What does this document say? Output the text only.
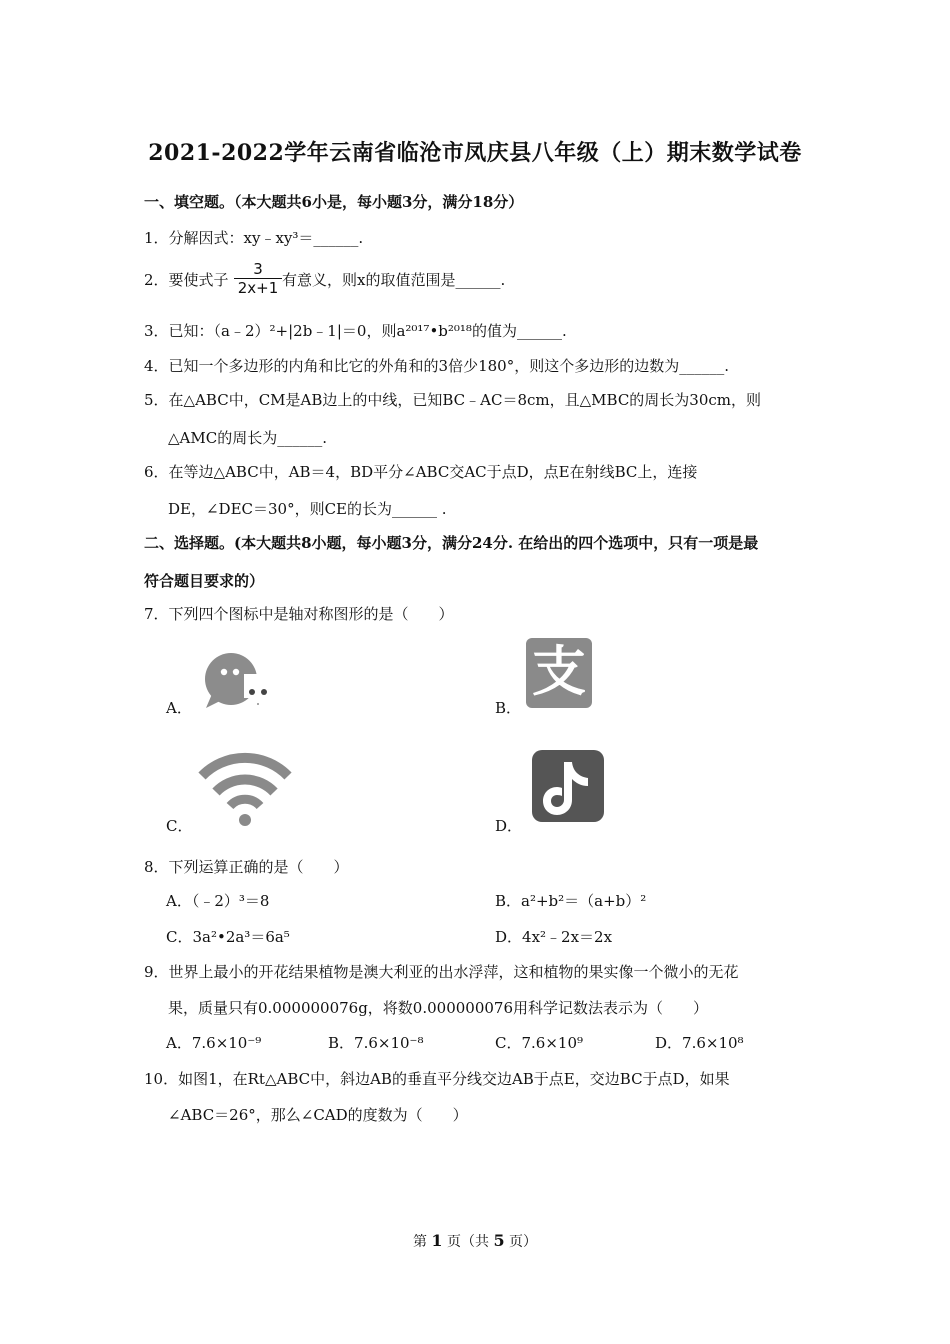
2021-2022学年云南省临沧市凤庆县八年级（上）期末数学试卷
一、填空题。（本大题共6小是，每小题3分，满分18分）
1．分解因式：xy﹣xy³＝______.
2．要使式子 $\frac{3}{2x+1}$ 有意义，则x的取值范围是______.
3．已知：（a﹣2）²+|2b﹣1|＝0，则a²⁰¹⁷•b²⁰¹⁸的值为______.
4．已知一个多边形的内角和比它的外角和的3倍少180°，则这个多边形的边数为______.
5．在△ABC中，CM是AB边上的中线，已知BC﹣AC＝8cm，且△MBC的周长为30cm，则
△AMC的周长为______.
6．在等边△ABC中，AB＝4，BD平分∠ABC交AC于点D，点E在射线BC上，连接
DE，∠DEC＝30°，则CE的长为______ .
二、选择题。(本大题共8小题，每小题3分，满分24分. 在给出的四个选项中，只有一项是最
符合题目要求的）
7．下列四个图标中是轴对称图形的是（　　）
A．	B．
支
C．	D．
8．下列运算正确的是（　　）
A．（﹣2）³＝8	B．a²+b²＝（a+b）²
C．3a²•2a³＝6a⁵	D．4x²﹣2x＝2x
9．世界上最小的开花结果植物是澳大利亚的出水浮萍，这和植物的果实像一个微小的无花
果，质量只有0.000000076g，将数0.000000076用科学记数法表示为（　　）
A．7.6×10⁻⁹	B．7.6×10⁻⁸	C．7.6×10⁹	D．7.6×10⁸
10．如图1，在Rt△ABC中，斜边AB的垂直平分线交边AB于点E，交边BC于点D，如果
∠ABC＝26°，那么∠CAD的度数为（　　）
第 1 页（共 5 页）
